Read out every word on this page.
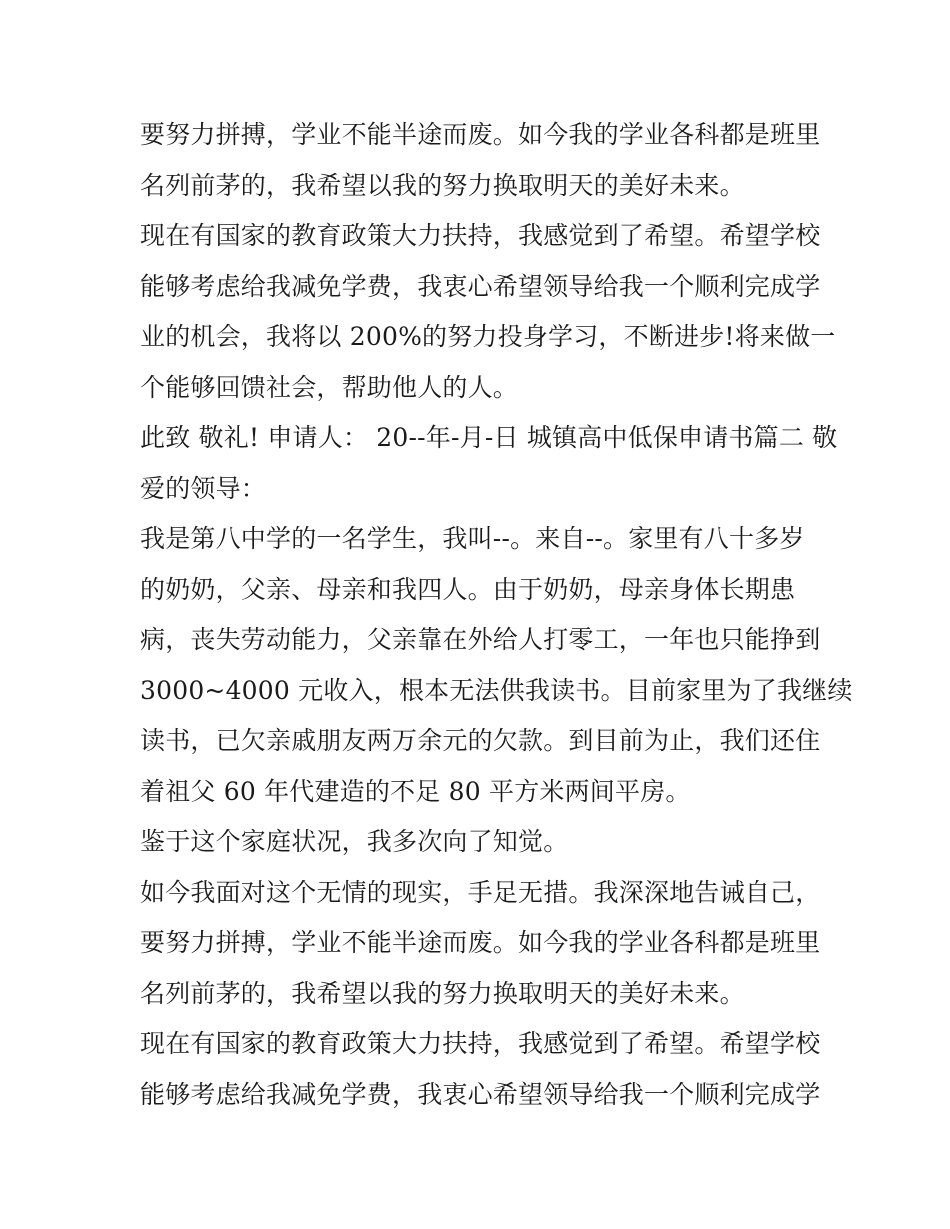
要努力拼搏，学业不能半途而废。如今我的学业各科都是班里
名列前茅的，我希望以我的努力换取明天的美好未来。
现在有国家的教育政策大力扶持，我感觉到了希望。希望学校
能够考虑给我减免学费，我衷心希望领导给我一个顺利完成学
业的机会，我将以 200%的努力投身学习，不断进步!将来做一
个能够回馈社会，帮助他人的人。
此致 敬礼! 申请人： 20--年-月-日 城镇高中低保申请书篇二 敬
爱的领导：
我是第八中学的一名学生，我叫--。来自--。家里有八十多岁
的奶奶，父亲、母亲和我四人。由于奶奶，母亲身体长期患
病，丧失劳动能力，父亲靠在外给人打零工，一年也只能挣到
3000~4000 元收入，根本无法供我读书。目前家里为了我继续
读书，已欠亲戚朋友两万余元的欠款。到目前为止，我们还住
着祖父 60 年代建造的不足 80 平方米两间平房。
鉴于这个家庭状况，我多次向了知觉。
如今我面对这个无情的现实，手足无措。我深深地告诫自己，
要努力拼搏，学业不能半途而废。如今我的学业各科都是班里
名列前茅的，我希望以我的努力换取明天的美好未来。
现在有国家的教育政策大力扶持，我感觉到了希望。希望学校
能够考虑给我减免学费，我衷心希望领导给我一个顺利完成学
